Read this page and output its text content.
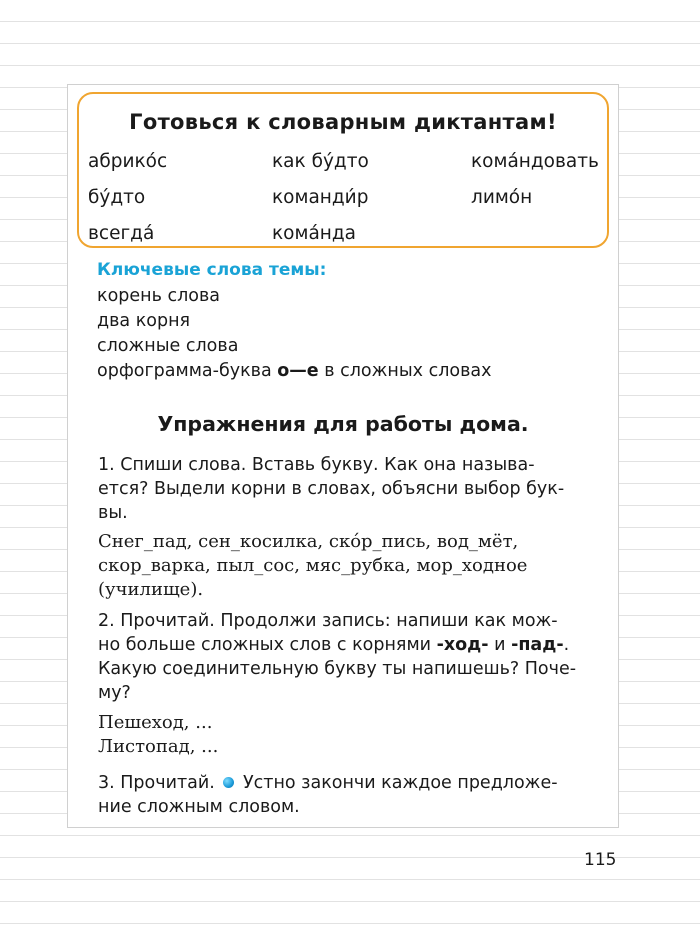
Готовься к словарным диктантам!
абрико́с	как бу́дто	кома́ндовать
бу́дто	команди́р	лимо́н
всегда́	кома́нда
Ключевые слова темы:
корень слова
два корня
сложные слова
орфограмма-буква о—е в сложных словах
Упражнения для работы дома.
1. Спиши слова. Вставь букву. Как она называ-
ется? Выдели корни в словах, объясни выбор бук-
вы.
Снег_пад, сен_косилка, ско́р_пись, вод_мёт,
скор_варка, пыл_сос, мяс_рубка, мор_ходное
(училище).
2. Прочитай. Продолжи запись: напиши как мож-
но больше сложных слов с корнями -ход- и -пад-.
Какую соединительную букву ты напишешь? Поче-
му?
Пешеход, ...
Листопад, ...
3. Прочитай. Устно закончи каждое предложе-
ние сложным словом.
115
